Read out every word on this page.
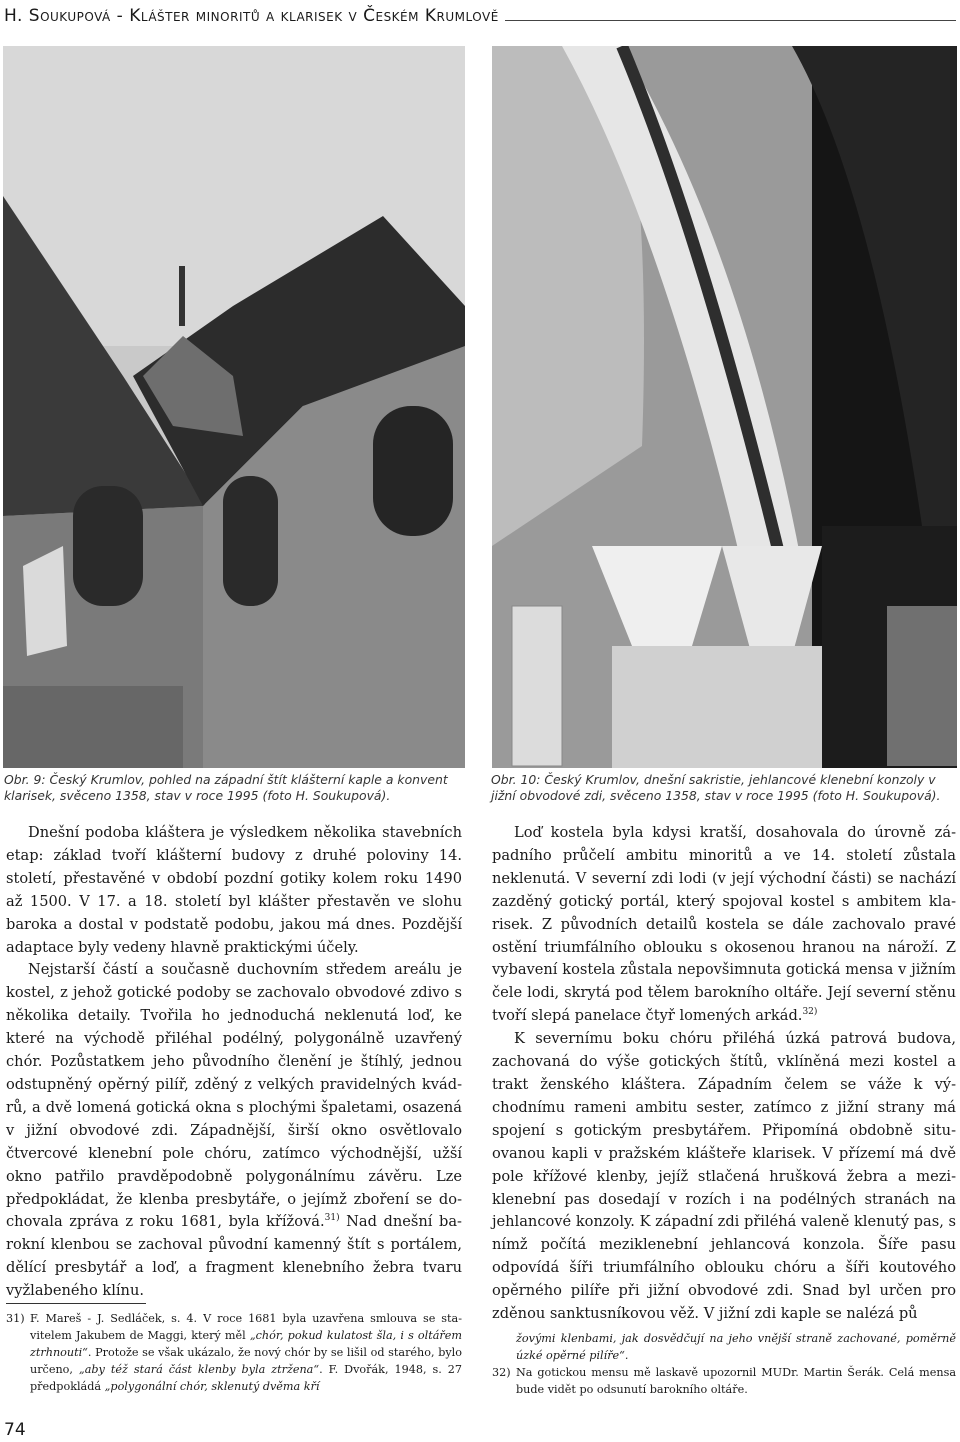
H. Soukupová - Klášter minoritů a klarisek v Českém Krumlově
Obr. 9: Český Krumlov, pohled na západní štít klášterní kaple a konvent klarisek, svěceno 1358, stav v roce 1995 (foto H. Soukupová).
Obr. 10: Český Krumlov, dnešní sakristie, jehlancové klenební konzoly v jižní obvodové zdi, svěceno 1358, stav v roce 1995 (foto H. Soukupová).

Dnešní podoba kláštera je výsledkem několika stavebních etap: základ tvoří klášterní budovy z druhé poloviny 14. století, přestavěné v období pozdní gotiky kolem roku 1490 až 1500. V 17. a 18. století byl klášter přestavěn ve slohu baroka a dostal v podstatě podobu, jakou má dnes. Pozdější adaptace byly vedeny hlavně praktickými účely.

Nejstarší částí a současně duchovním středem areálu je kostel, z jehož gotické podoby se zachovalo obvodové zdivo s několika detaily. Tvořila ho jednoduchá neklenutá loď, ke které na východě přiléhal podélný, polygonálně uzavřený chór. Pozůstatkem jeho původního členění je štíhlý, jednou odstupněný opěrný pilíř, zděný z velkých pravidelných kvádrů, a dvě lomená gotická okna s plochými špaletami, osazená v jižní obvodové zdi. Západnější, širší okno osvětlovalo čtvercové klenební pole chóru, zatímco východnější, užší okno patřilo pravděpodobně polygonálnímu závěru. Lze předpokládat, že klenba presbytáře, o jejímž zboření se dochovala zpráva z roku 1681, byla křížová.$^{31)}$ Nad dnešní barokní klenbou se zachoval původní kamenný štít s portálem, dělící presbytář a loď, a fragment klenebního žebra tvaru vyžlabeného klínu.

Loď kostela byla kdysi kratší, dosahovala do úrovně západního průčelí ambitu minoritů a ve 14. století zůstala neklenutá. V severní zdi lodi (v její východní části) se nachází zazděný gotický portál, který spojoval kostel s ambitem klarisek. Z původních detailů kostela se dále zachovalo pravé ostění triumfálního oblouku s okosenou hranou na nároží. Z vybavení kostela zůstala nepovšimnuta gotická mensa v jižním čele lodi, skrytá pod tělem barokního oltáře. Její severní stěnu tvoří slepá panelace čtyř lomených arkád.$^{32)}$

K severnímu boku chóru přiléhá úzká patrová budova, zachovaná do výše gotických štítů, vklíněná mezi kostel a trakt ženského kláštera. Západním čelem se váže k východnímu rameni ambitu sester, zatímco z jižní strany má spojení s gotickým presbytářem. Připomíná obdobně situovanou kapli v pražském klášteře klarisek. V přízemí má dvě pole křížové klenby, jejíž stlačená hrušková žebra a meziklenební pas dosedají v rozích i na podélných stranách na jehlancové konzoly. K západní zdi přiléhá valeně klenutý pas, s nímž počítá meziklenební jehlancová konzola. Šíře pasu odpovídá šíři triumfálního oblouku chóru a šíři koutového opěrného pilíře při jižní obvodové zdi. Snad byl určen pro zděnou sanktusníkovou věž. V jižní zdi kaple se nalézá pů

31) F. Mareš - J. Sedláček, s. 4. V roce 1681 byla uzavřena smlouva se stavitelem Jakubem de Maggi, který měl „chór, pokud kulatost šla, i s oltářem ztrhnouti“. Protože se však ukázalo, že nový chór by se lišil od starého, bylo určeno, „aby též stará část klenby byla ztržena“. F. Dvořák, 1948, s. 27 předpokládá „polygonální chór, sklenutý dvěma kří

žovými klenbami, jak dosvědčují na jeho vnější straně zachované, poměrně úzké opěrné pilíře“.

32) Na gotickou mensu mě laskavě upozornil MUDr. Martin Šerák. Celá mensa bude vidět po odsunutí barokního oltáře.

74
